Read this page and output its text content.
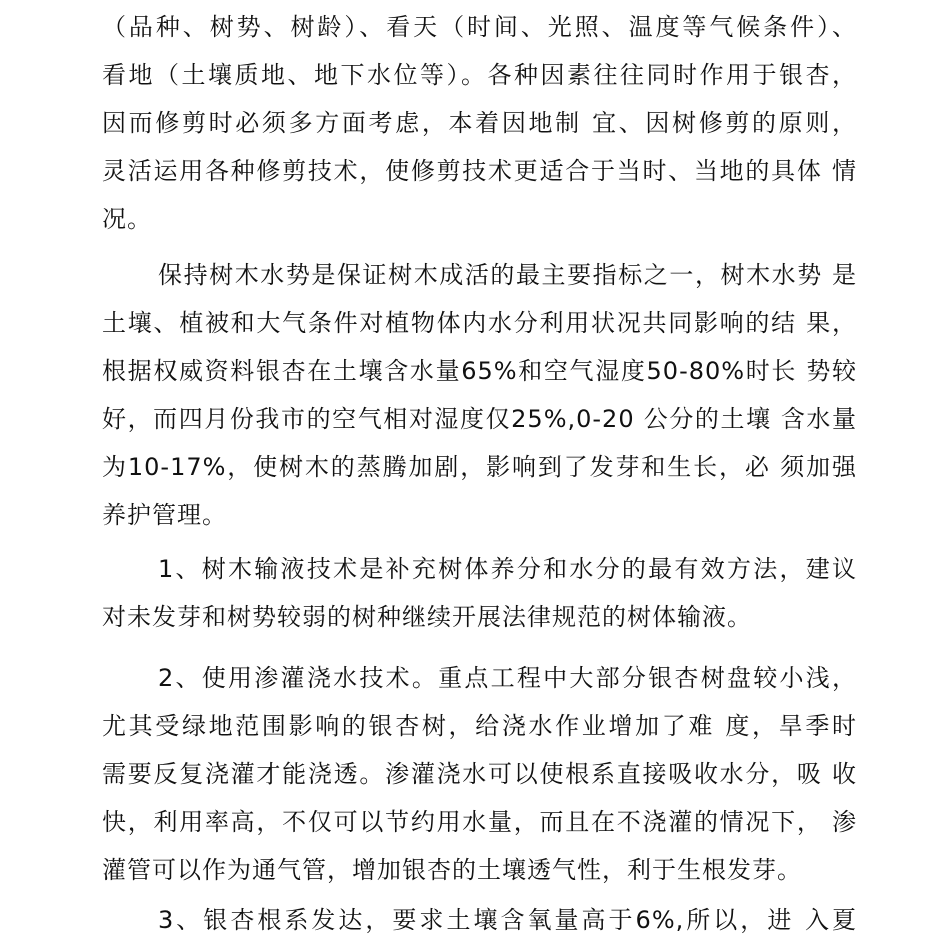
（品种、树势、树龄）、看天（时间、光照、温度等气候条件）、
看地（土壤质地、地下水位等）。各种因素往往同时作用于银杏，
因而修剪时必须多方面考虑，本着因地制 宜、因树修剪的原则，
灵活运用各种修剪技术，使修剪技术更适合于当时、当地的具体 情
况。
保持树木水势是保证树木成活的最主要指标之一，树木水势 是
土壤、植被和大气条件对植物体内水分利用状况共同影响的结 果，
根据权威资料银杏在土壤含水量65%和空气湿度50-80%时长 势较
好，而四月份我市的空气相对湿度仅25%,0-20 公分的土壤 含水量
为10-17%，使树木的蒸腾加剧，影响到了发芽和生长，必 须加强
养护管理。
1、树木输液技术是补充树体养分和水分的最有效方法，建议
对未发芽和树势较弱的树种继续开展法律规范的树体输液。
2、使用渗灌浇水技术。重点工程中大部分银杏树盘较小浅，
尤其受绿地范围影响的银杏树，给浇水作业增加了难 度，旱季时
需要反复浇灌才能浇透。渗灌浇水可以使根系直接吸收水分，吸 收
快，利用率高，不仅可以节约用水量，而且在不浇灌的情况下， 渗
灌管可以作为通气管，增加银杏的土壤透气性，利于生根发芽。
3、银杏根系发达，要求土壤含氧量高于6%,所以，进 入夏
